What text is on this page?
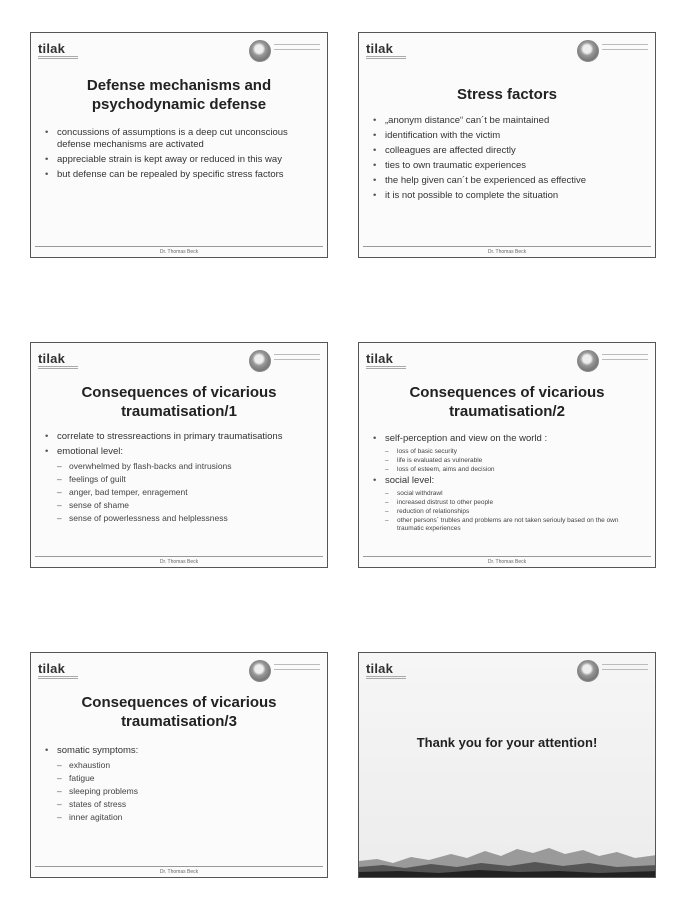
tilak
Defense mechanisms and
psychodynamic defense
• concussions of assumptions is a deep cut unconscious defense mechanisms are activated
• appreciable strain is kept away or reduced in this way
• but defense can be repealed by specific stress factors
Dr. Thomas Beck
tilak
Stress factors
• „anonym distance“ can´t be maintained
• identification with the victim
• colleagues are affected directly
• ties to own traumatic experiences
• the help given can´t be experienced as effective
• it is not possible to complete the situation
Dr. Thomas Beck
tilak
Consequences of vicarious
traumatisation/1
• correlate to stressreactions in primary traumatisations
• emotional level:
– overwhelmed by flash-backs and intrusions
– feelings of guilt
– anger, bad temper, enragement
– sense of shame
– sense of powerlessness and helplessness
Dr. Thomas Beck
tilak
Consequences of vicarious
traumatisation/2
• self-perception and view on the world :
– loss of basic security
– life is evaluated as vulnerable
– loss of esteem, aims and decision
• social level:
– social withdrawl
– increased distrust to other people
– reduction of relationships
– other persons´ trubles and problems are not taken seriouly based on the own traumatic experiences
Dr. Thomas Beck
tilak
Consequences of vicarious
traumatisation/3
• somatic symptoms:
– exhaustion
– fatigue
– sleeping problems
– states of stress
– inner agitation
Dr. Thomas Beck
tilak
Thank you for your attention!
